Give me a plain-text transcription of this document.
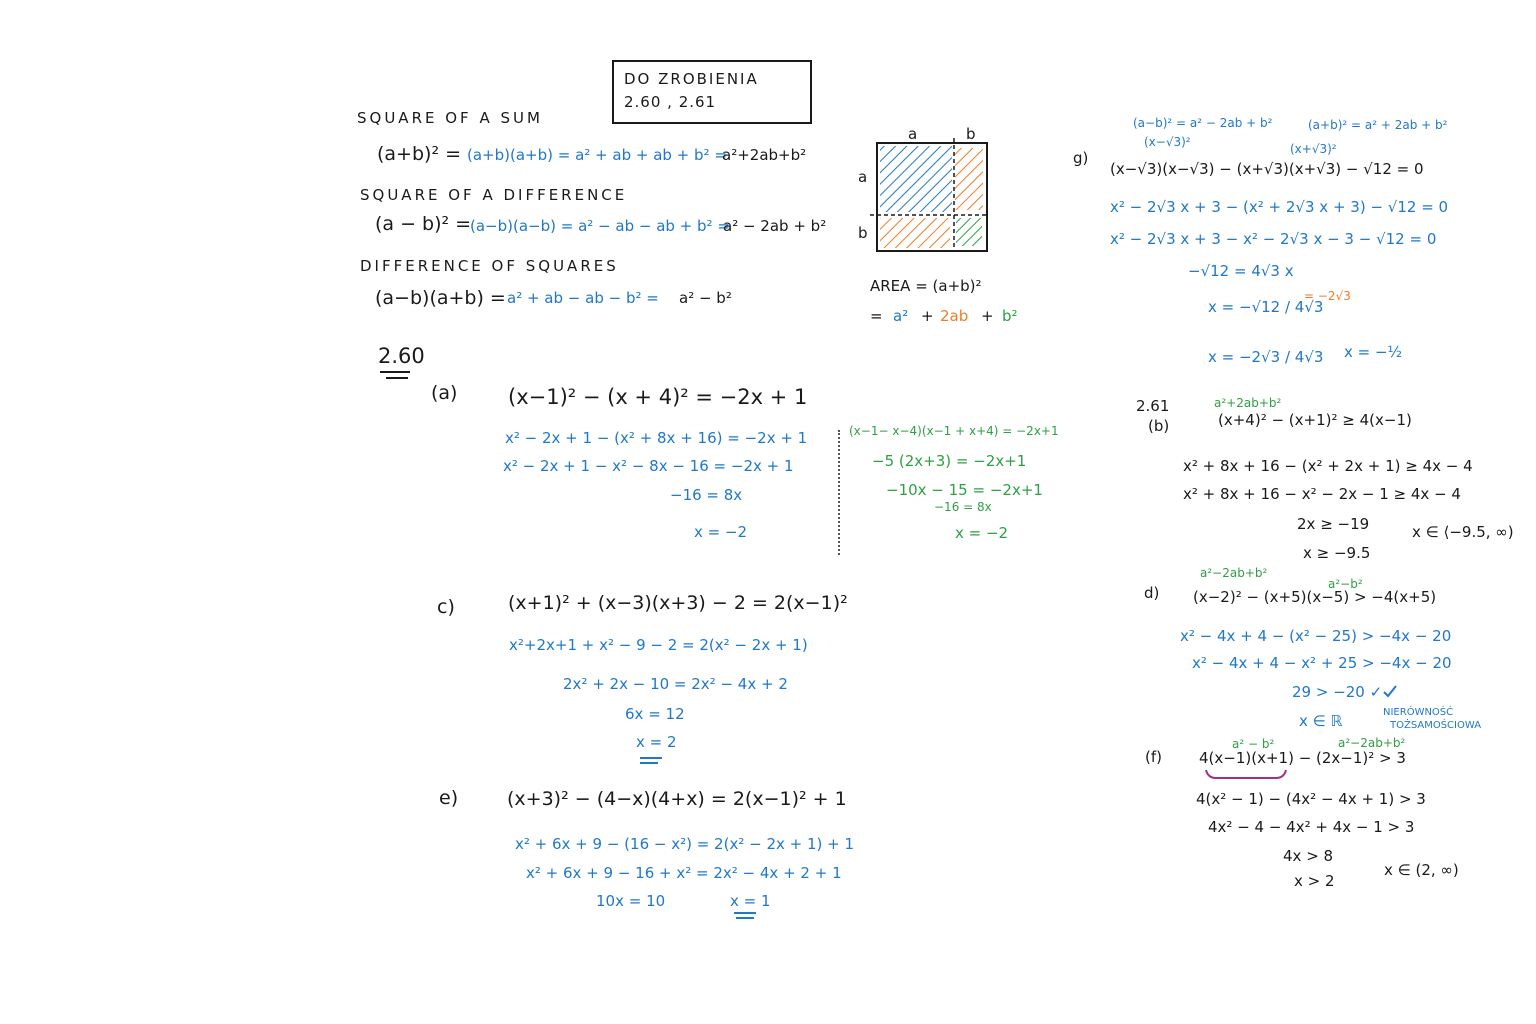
DO ZROBIENIA
2.60 , 2.61
SQUARE OF A SUM
(a+b)² = (a+b)(a+b) = a² + ab + ab + b² =
a²+2ab+b²
SQUARE OF A DIFFERENCE
(a − b)² =
(a−b)(a−b) = a² − ab − ab + b² =
a² − 2ab + b²
DIFFERENCE OF SQUARES
(a−b)(a+b) = a² + ab − ab − b² = a² − b²
a	b
a
b
AREA = (a+b)²
= a² + 2ab + b²
2.60
(a) (x−1)² − (x + 4)² = −2x + 1
x² − 2x + 1 − (x² + 8x + 16) = −2x + 1
x² − 2x + 1 − x² − 8x − 16 = −2x + 1
−16 = 8x
x = −2
(x−1− x−4)(x−1 + x+4) = −2x+1
−5 (2x+3) = −2x+1
−10x − 15 = −2x+1
−16 = 8x
x = −2
c)	(x+1)² + (x−3)(x+3) − 2 = 2(x−1)²
x²+2x+1 + x² − 9 − 2 = 2(x² − 2x + 1)
2x² + 2x − 10 = 2x² − 4x + 2
6x = 12
x = 2
e)	(x+3)² − (4−x)(4+x) = 2(x−1)² + 1
x² + 6x + 9 − (16 − x²) = 2(x² − 2x + 1) + 1
x² + 6x + 9 − 16 + x² = 2x² − 4x + 2 + 1
10x = 10	x = 1
(a−b)² = a² − 2ab + b²	(a+b)² = a² + 2ab + b²
(x−√3)²	(x+√3)²
g)
(x−√3)(x−√3) − (x+√3)(x+√3) − √12 = 0
x² − 2√3 x + 3 − (x² + 2√3 x + 3) − √12 = 0
x² − 2√3 x + 3 − x² − 2√3 x − 3 − √12 = 0
−√12 = 4√3 x
x = −√12 / 4√3
= −2√3
x = −2√3 / 4√3 x = −½
2.61	a²+2ab+b²
(b)	(x+4)² − (x+1)² ≥ 4(x−1)
x² + 8x + 16 − (x² + 2x + 1) ≥ 4x − 4
x² + 8x + 16 − x² − 2x − 1 ≥ 4x − 4
2x ≥ −19
x ≥ −9.5
x ∈ ⟨−9.5, ∞)
a²−2ab+b²
a²−b²
d) (x−2)² − (x+5)(x−5) > −4(x+5)
x² − 4x + 4 − (x² − 25) > −4x − 20
x² − 4x + 4 − x² + 25 > −4x − 20
29 > −20 ✓
x ∈ ℝ	NIERÓWNOŚĆ
TOŻSAMOŚCIOWA
a² − b²	a²−2ab+b²
(f) 4(x−1)(x+1) − (2x−1)² > 3
4(x² − 1) − (4x² − 4x + 1) > 3
4x² − 4 − 4x² + 4x − 1 > 3
4x > 8
x > 2
x ∈ (2, ∞)
